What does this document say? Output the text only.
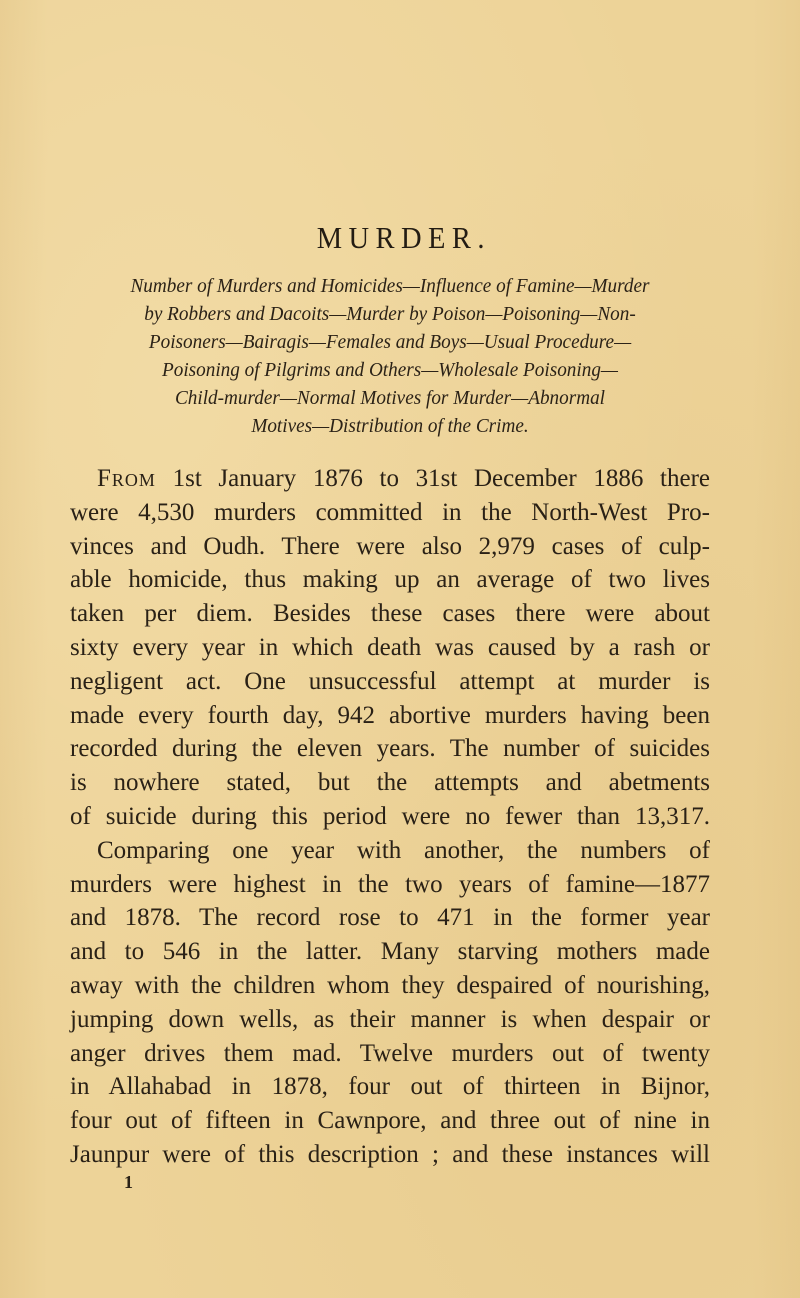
MURDER.
Number of Murders and Homicides—Influence of Famine—Murder
by Robbers and Dacoits—Murder by Poison—Poisoning—Non-
Poisoners—Bairagis—Females and Boys—Usual Procedure—
Poisoning of Pilgrims and Others—Wholesale Poisoning—
Child-murder—Normal Motives for Murder—Abnormal
Motives—Distribution of the Crime.
From 1st January 1876 to 31st December 1886 there
were 4,530 murders committed in the North-West Pro-
vinces and Oudh. There were also 2,979 cases of culp-
able homicide, thus making up an average of two lives
taken per diem. Besides these cases there were about
sixty every year in which death was caused by a rash or
negligent act. One unsuccessful attempt at murder is
made every fourth day, 942 abortive murders having been
recorded during the eleven years. The number of suicides
is nowhere stated, but the attempts and abetments
of suicide during this period were no fewer than 13,317.
Comparing one year with another, the numbers of
murders were highest in the two years of famine—1877
and 1878. The record rose to 471 in the former year
and to 546 in the latter. Many starving mothers made
away with the children whom they despaired of nourishing,
jumping down wells, as their manner is when despair or
anger drives them mad. Twelve murders out of twenty
in Allahabad in 1878, four out of thirteen in Bijnor,
four out of fifteen in Cawnpore, and three out of nine in
Jaunpur were of this description ; and these instances will
1
